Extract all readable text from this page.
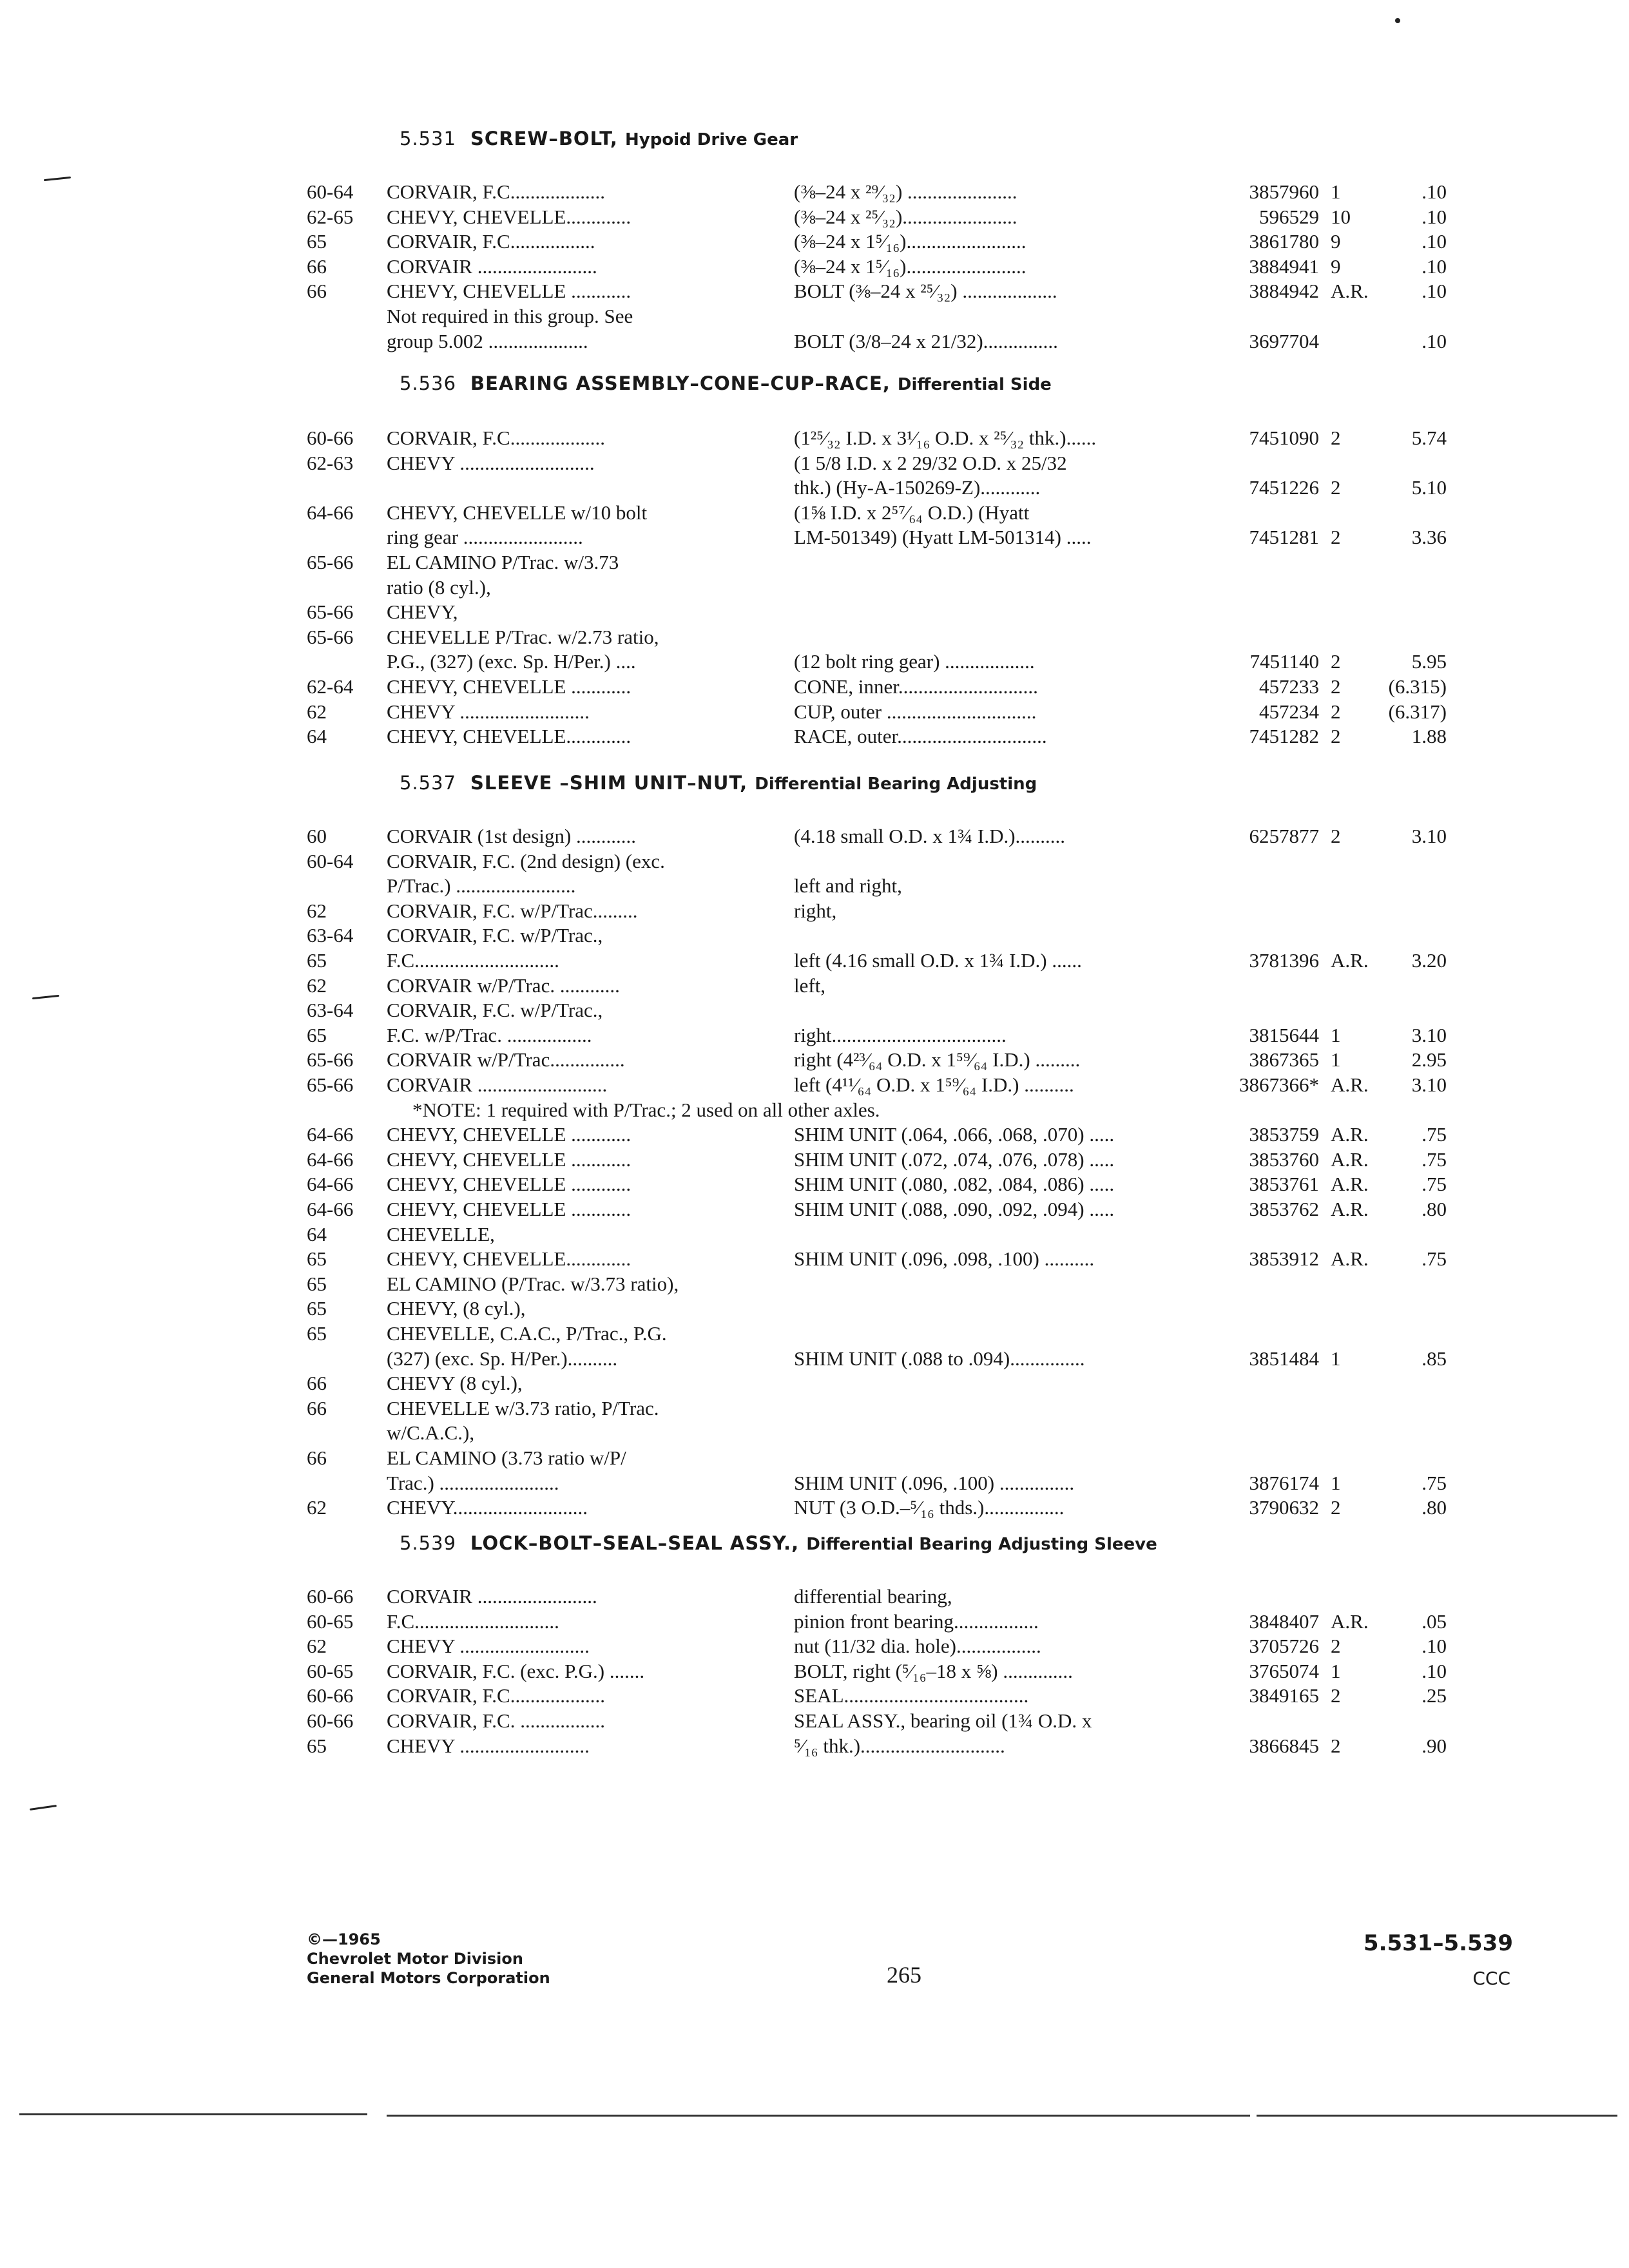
5.531 SCREW–BOLT, Hypoid Drive Gear
60-64 CORVAIR, F.C...................	(⅜–24 x ²⁹⁄₃₂) ......................	3857960 1	.10
62-65 CHEVY, CHEVELLE.............	(⅜–24 x ²⁵⁄₃₂).......................	596529 10	.10
65	CORVAIR, F.C.................	(⅜–24 x 1⁵⁄₁₆)........................	3861780 9	.10
66	CORVAIR ........................	(⅜–24 x 1⁵⁄₁₆)........................	3884941 9	.10
66	CHEVY, CHEVELLE ............	BOLT (⅜–24 x ²⁵⁄₃₂) ...................	3884942 A.R.	.10
Not required in this group. See
group 5.002 ....................	BOLT (3/8–24 x 21/32)...............	3697704	.10
5.536 BEARING ASSEMBLY–CONE–CUP–RACE, Differential Side
60-66 CORVAIR, F.C...................	(1²⁵⁄₃₂ I.D. x 3¹⁄₁₆ O.D. x ²⁵⁄₃₂ thk.)......	7451090 2	5.74
62-63 CHEVY ...........................	(1 5/8 I.D. x 2 29/32 O.D. x 25/32
thk.) (Hy-A-150269-Z)............	7451226 2	5.10
64-66 CHEVY, CHEVELLE w/10 bolt	(1⅝ I.D. x 2⁵⁷⁄₆₄ O.D.) (Hyatt
ring gear ........................	LM-501349) (Hyatt LM-501314) .....	7451281 2	3.36
65-66 EL CAMINO P/Trac. w/3.73
ratio (8 cyl.),
65-66 CHEVY,
65-66 CHEVELLE P/Trac. w/2.73 ratio,
P.G., (327) (exc. Sp. H/Per.) ....	(12 bolt ring gear) ..................	7451140 2	5.95
62-64 CHEVY, CHEVELLE ............	CONE, inner............................	457233 2	(6.315)
62	CHEVY ..........................	CUP, outer ..............................	457234 2	(6.317)
64	CHEVY, CHEVELLE.............	RACE, outer..............................	7451282 2	1.88
5.537 SLEEVE –SHIM UNIT–NUT, Differential Bearing Adjusting
60	CORVAIR (1st design) ............	(4.18 small O.D. x 1¾ I.D.)..........	6257877 2	3.10
60-64 CORVAIR, F.C. (2nd design) (exc.
P/Trac.) ........................	left and right,
62	CORVAIR, F.C. w/P/Trac.........	right,
63-64 CORVAIR, F.C. w/P/Trac.,
65	F.C.............................	left (4.16 small O.D. x 1¾ I.D.) ......	3781396 A.R.	3.20
62	CORVAIR w/P/Trac. ............	left,
63-64 CORVAIR, F.C. w/P/Trac.,
65	F.C. w/P/Trac. .................	right...................................	3815644 1	3.10
65-66 CORVAIR w/P/Trac...............	right (4²³⁄₆₄ O.D. x 1⁵⁹⁄₆₄ I.D.) .........	3867365 1	2.95
65-66 CORVAIR ..........................	left (4¹¹⁄₆₄ O.D. x 1⁵⁹⁄₆₄ I.D.) ..........	3867366* A.R.	3.10
*NOTE: 1 required with P/Trac.; 2 used on all other axles.
64-66 CHEVY, CHEVELLE ............	SHIM UNIT (.064, .066, .068, .070) .....	3853759 A.R.	.75
64-66 CHEVY, CHEVELLE ............	SHIM UNIT (.072, .074, .076, .078) .....	3853760 A.R.	.75
64-66 CHEVY, CHEVELLE ............	SHIM UNIT (.080, .082, .084, .086) .....	3853761 A.R.	.75
64-66 CHEVY, CHEVELLE ............	SHIM UNIT (.088, .090, .092, .094) .....	3853762 A.R.	.80
64	CHEVELLE,
65	CHEVY, CHEVELLE.............	SHIM UNIT (.096, .098, .100) ..........	3853912 A.R.	.75
65	EL CAMINO (P/Trac. w/3.73 ratio),
65	CHEVY, (8 cyl.),
65	CHEVELLE, C.A.C., P/Trac., P.G.
(327) (exc. Sp. H/Per.)..........	SHIM UNIT (.088 to .094)...............	3851484 1	.85
66	CHEVY (8 cyl.),
66	CHEVELLE w/3.73 ratio, P/Trac.
w/C.A.C.),
66	EL CAMINO (3.73 ratio w/P/
Trac.) ........................	SHIM UNIT (.096, .100) ...............	3876174 1	.75
62	CHEVY...........................	NUT (3 O.D.–⁵⁄₁₆ thds.)................	3790632 2	.80
5.539 LOCK–BOLT–SEAL–SEAL ASSY., Differential Bearing Adjusting Sleeve
60-66 CORVAIR ........................	differential bearing,
60-65 F.C.............................	pinion front bearing.................	3848407 A.R.	.05
62	CHEVY ..........................	nut (11/32 dia. hole).................	3705726 2	.10
60-65 CORVAIR, F.C. (exc. P.G.) .......	BOLT, right (⁵⁄₁₆–18 x ⅝) ..............	3765074 1	.10
60-66 CORVAIR, F.C...................	SEAL.....................................	3849165 2	.25
60-66 CORVAIR, F.C. .................	SEAL ASSY., bearing oil (1¾ O.D. x
65	CHEVY ..........................	⁵⁄₁₆ thk.).............................	3866845 2	.90
©—1965
Chevrolet Motor Division
General Motors Corporation	265
5.531–5.539
CCC
